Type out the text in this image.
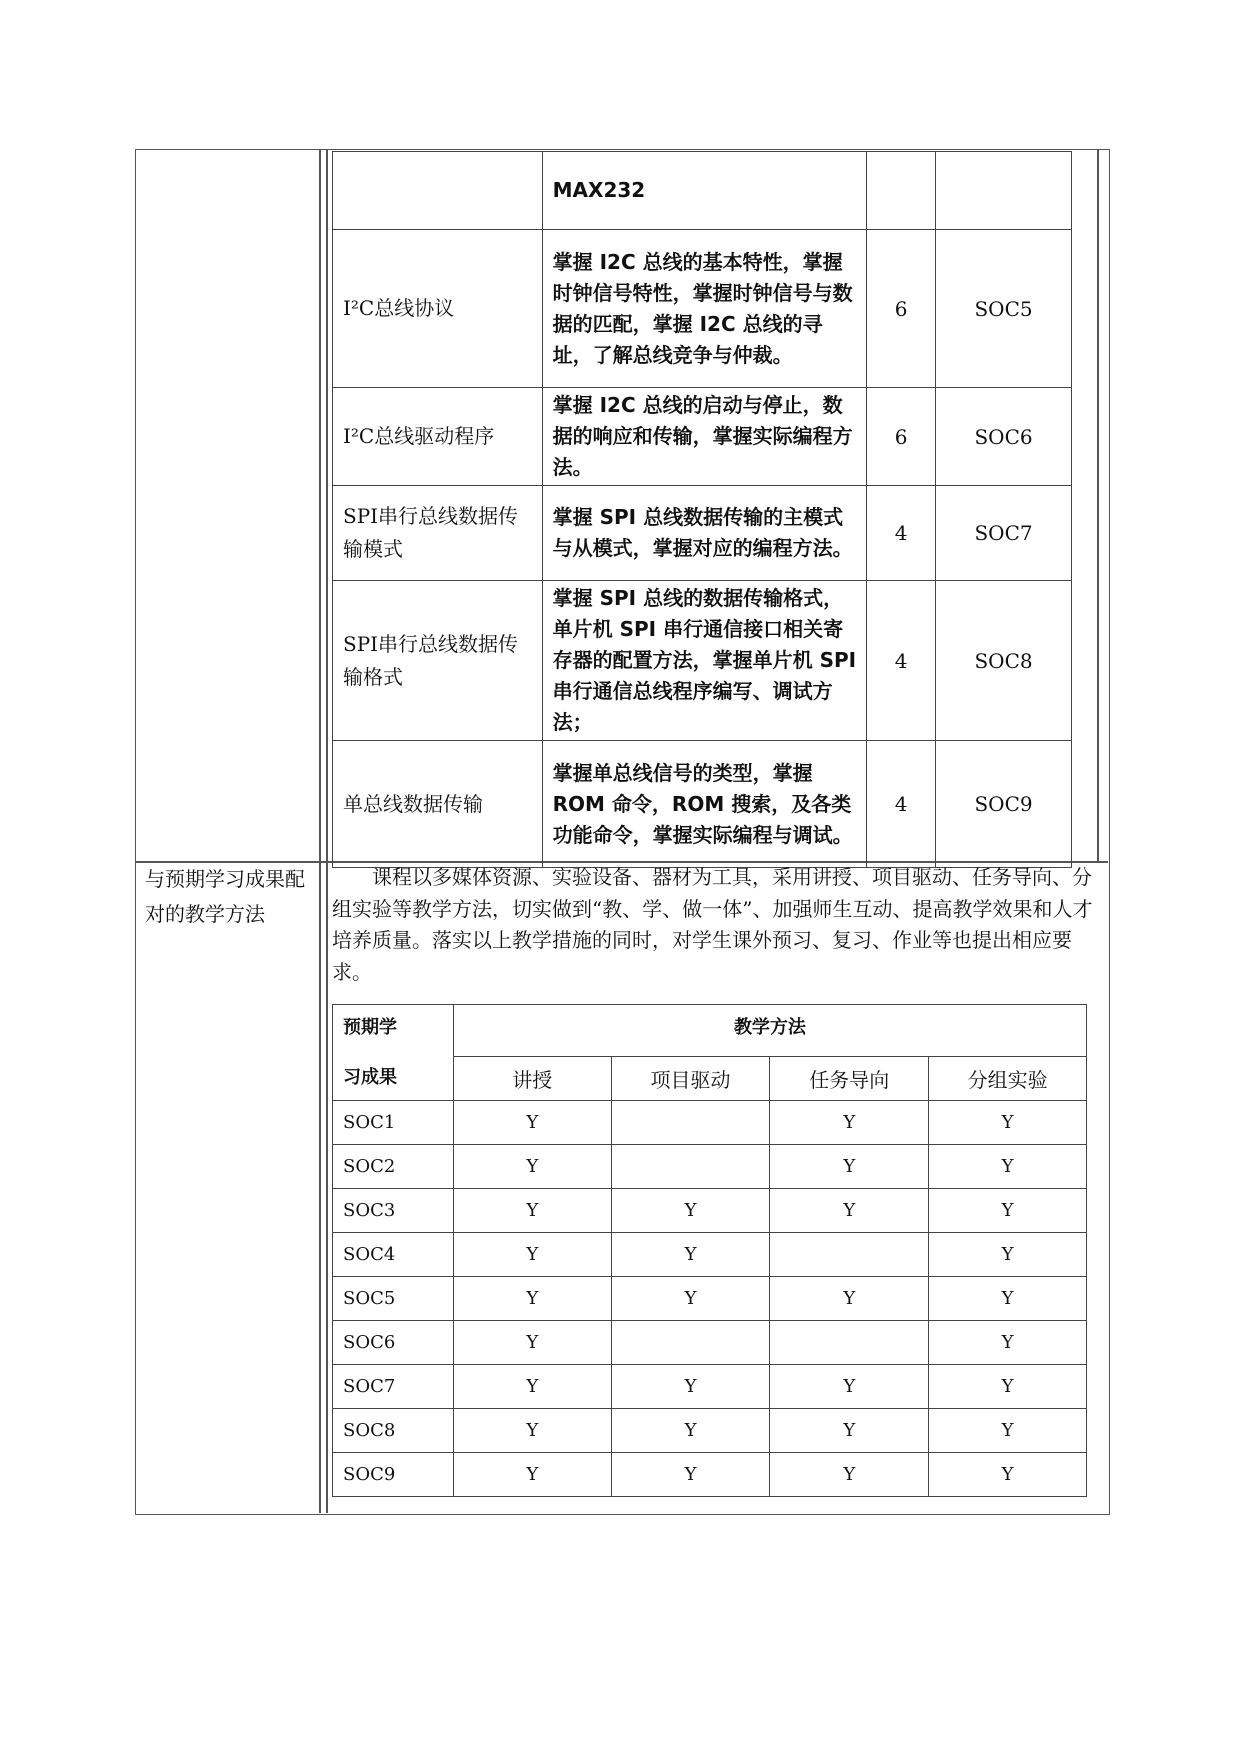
	MAX232		
I²C总线协议	掌握 I2C 总线的基本特性，掌握时钟信号特性，掌握时钟信号与数据的匹配，掌握 I2C 总线的寻址，了解总线竞争与仲裁。	6	SOC5
I²C总线驱动程序	掌握 I2C 总线的启动与停止，数据的响应和传输，掌握实际编程方法。	6	SOC6
SPI串行总线数据传输模式	掌握 SPI 总线数据传输的主模式与从模式，掌握对应的编程方法。	4	SOC7
SPI串行总线数据传输格式	掌握 SPI 总线的数据传输格式，单片机 SPI 串行通信接口相关寄存器的配置方法，掌握单片机 SPI 串行通信总线程序编写、调试方法；	4	SOC8
单总线数据传输	掌握单总线信号的类型，掌握ROM 命令，ROM 搜索，及各类功能命令，掌握实际编程与调试。	4	SOC9
与预期学习成果配对的教学方法
课程以多媒体资源、实验设备、器材为工具，采用讲授、项目驱动、任务导向、分组实验等教学方法，切实做到“教、学、做一体”、加强师生互动、提高教学效果和人才培养质量。落实以上教学措施的同时，对学生课外预习、复习、作业等也提出相应要求。
预期学
习成果	教学方法			
	讲授	项目驱动	任务导向	分组实验
SOC1	Y		Y	Y
SOC2	Y		Y	Y
SOC3	Y	Y	Y	Y
SOC4	Y	Y		Y
SOC5	Y	Y	Y	Y
SOC6	Y			Y
SOC7	Y	Y	Y	Y
SOC8	Y	Y	Y	Y
SOC9	Y	Y	Y	Y
